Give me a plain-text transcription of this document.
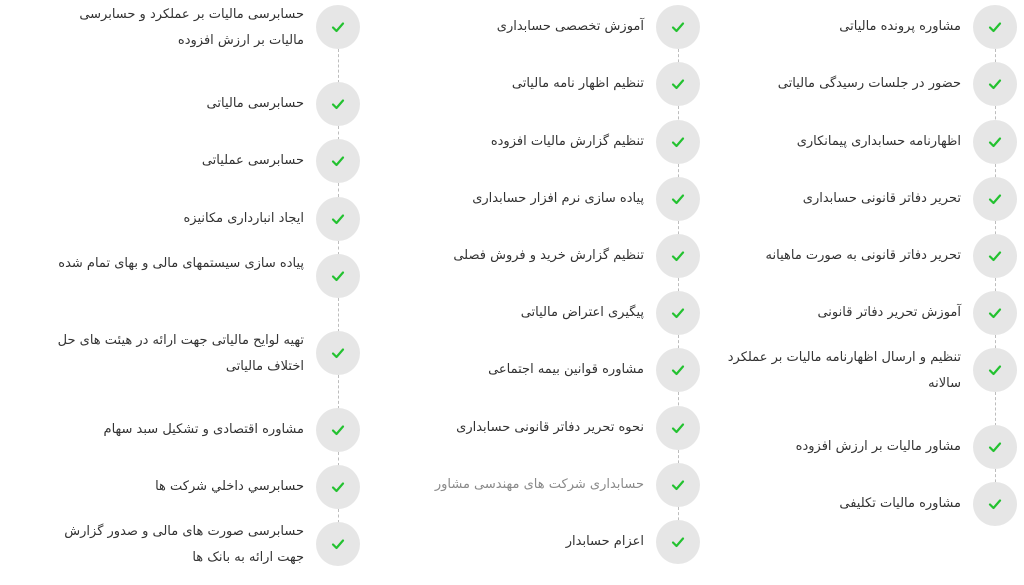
مشاوره پرونده مالیاتی
حضور در جلسات رسیدگی مالیاتی
اظهارنامه حسابداری پیمانکاری
تحریر دفاتر قانونی حسابداری
تحریر دفاتر قانونی به صورت ماهیانه
آموزش تحریر دفاتر قانونی
تنظیم و ارسال اظهارنامه مالیات بر عملکرد سالانه
مشاور مالیات بر ارزش افزوده
مشاوره مالیات تکلیفی
آموزش تخصصی حسابداری
تنظیم اظهار نامه مالیاتی
تنظیم گزارش مالیات افزوده
پیاده سازی نرم افزار حسابداری
تنظیم گزارش خرید و فروش فصلی
پیگیری اعتراض مالیاتی
مشاوره قوانین بیمه اجتماعی
نحوه تحریر دفاتر قانونی حسابداری
حسابداری شرکت های مهندسی مشاور
اعزام حسابدار
حسابرسی مالیات بر عملکرد و حسابرسی مالیات بر ارزش افزوده
حسابرسی مالیاتی
حسابرسی عملیاتی
ایجاد انبارداری مکانیزه
پیاده سازی سیستمهای مالی و بهای تمام شده
تهیه لوایح مالیاتی جهت ارائه در هیئت های حل اختلاف مالیاتی
مشاوره اقتصادی و تشکیل سبد سهام
حسابرسي داخلي شركت ها
حسابرسی صورت های مالی و صدور گزارش جهت ارائه به بانک ها
